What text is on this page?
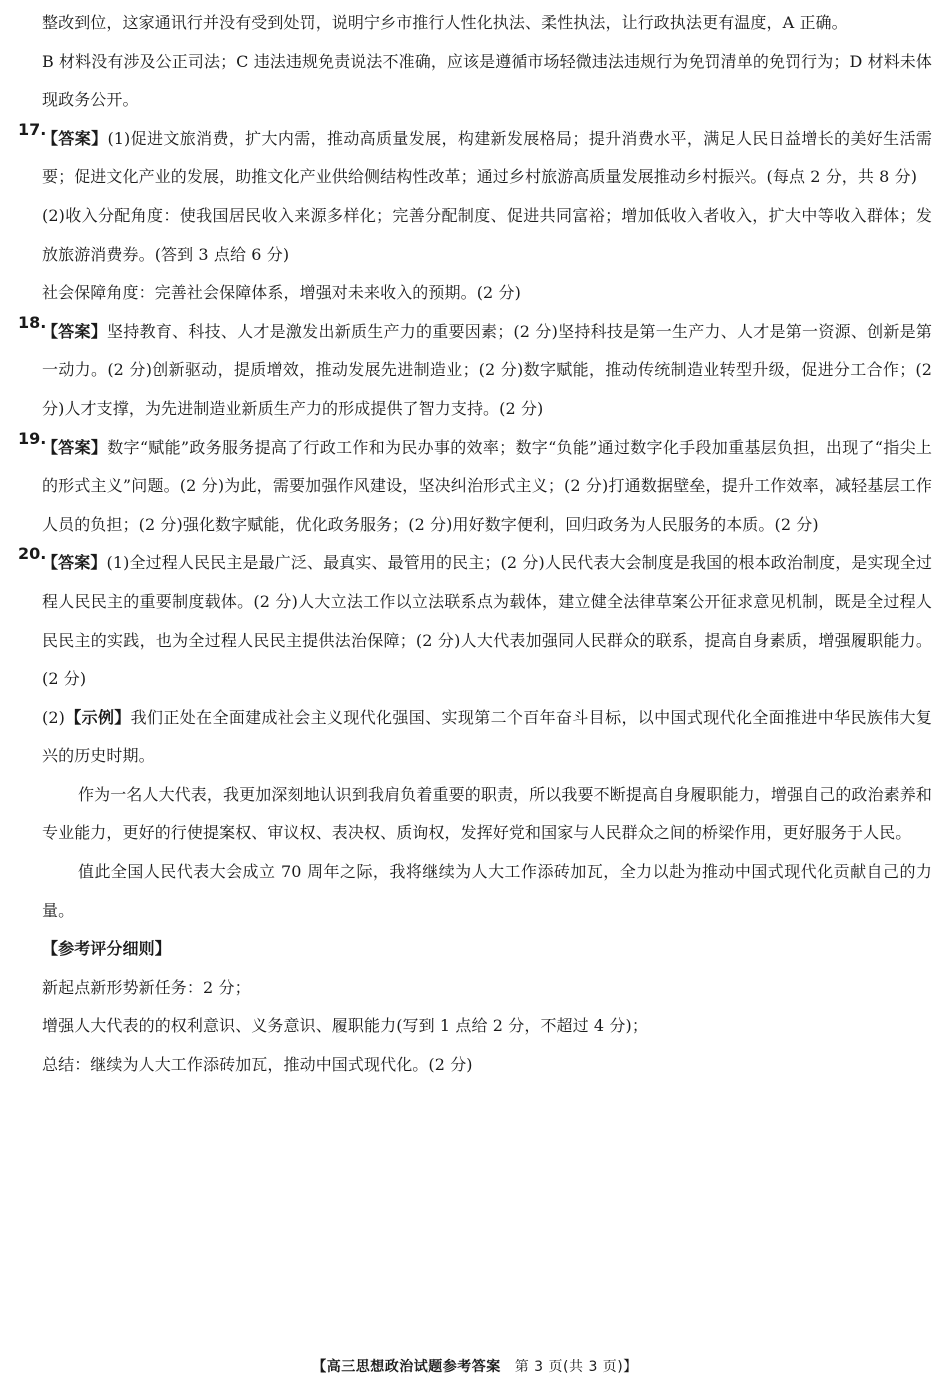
整改到位，这家通讯行并没有受到处罚，说明宁乡市推行人性化执法、柔性执法，让行政执法更有温度，A 正确。
B 材料没有涉及公正司法；C 违法违规免责说法不准确，应该是遵循市场轻微违法违规行为免罚清单的免罚行为；D 材料未体现政务公开。

17.

【答案】(1)促进文旅消费，扩大内需，推动高质量发展，构建新发展格局；提升消费水平，满足人民日益增长的美好生活需要；促进文化产业的发展，助推文化产业供给侧结构性改革；通过乡村旅游高质量发展推动乡村振兴。(每点 2 分，共 8 分)

(2)收入分配角度：使我国居民收入来源多样化；完善分配制度、促进共同富裕；增加低收入者收入，扩大中等收入群体；发放旅游消费券。(答到 3 点给 6 分)

社会保障角度：完善社会保障体系，增强对未来收入的预期。(2 分)

18.

【答案】坚持教育、科技、人才是激发出新质生产力的重要因素；(2 分)坚持科技是第一生产力、人才是第一资源、创新是第一动力。(2 分)创新驱动，提质增效，推动发展先进制造业；(2 分)数字赋能，推动传统制造业转型升级，促进分工合作；(2 分)人才支撑，为先进制造业新质生产力的形成提供了智力支持。(2 分)

19.

【答案】数字“赋能”政务服务提高了行政工作和为民办事的效率；数字“负能”通过数字化手段加重基层负担，出现了“指尖上的形式主义”问题。(2 分)为此，需要加强作风建设，坚决纠治形式主义；(2 分)打通数据壁垒，提升工作效率，减轻基层工作人员的负担；(2 分)强化数字赋能，优化政务服务；(2 分)用好数字便利，回归政务为人民服务的本质。(2 分)

20.

【答案】(1)全过程人民民主是最广泛、最真实、最管用的民主；(2 分)人民代表大会制度是我国的根本政治制度，是实现全过程人民民主的重要制度载体。(2 分)人大立法工作以立法联系点为载体，建立健全法律草案公开征求意见机制，既是全过程人民民主的实践，也为全过程人民民主提供法治保障；(2 分)人大代表加强同人民群众的联系，提高自身素质，增强履职能力。(2 分)

(2)【示例】我们正处在全面建成社会主义现代化强国、实现第二个百年奋斗目标，以中国式现代化全面推进中华民族伟大复兴的历史时期。

作为一名人大代表，我更加深刻地认识到我肩负着重要的职责，所以我要不断提高自身履职能力，增强自己的政治素养和专业能力，更好的行使提案权、审议权、表决权、质询权，发挥好党和国家与人民群众之间的桥梁作用，更好服务于人民。

值此全国人民代表大会成立 70 周年之际，我将继续为人大工作添砖加瓦，全力以赴为推动中国式现代化贡献自己的力量。

【参考评分细则】

新起点新形势新任务：2 分；

增强人大代表的的权利意识、义务意识、履职能力(写到 1 点给 2 分，不超过 4 分)；

总结：继续为人大工作添砖加瓦，推动中国式现代化。(2 分)

【高三思想政治试题参考答案 第 3 页(共 3 页)】
